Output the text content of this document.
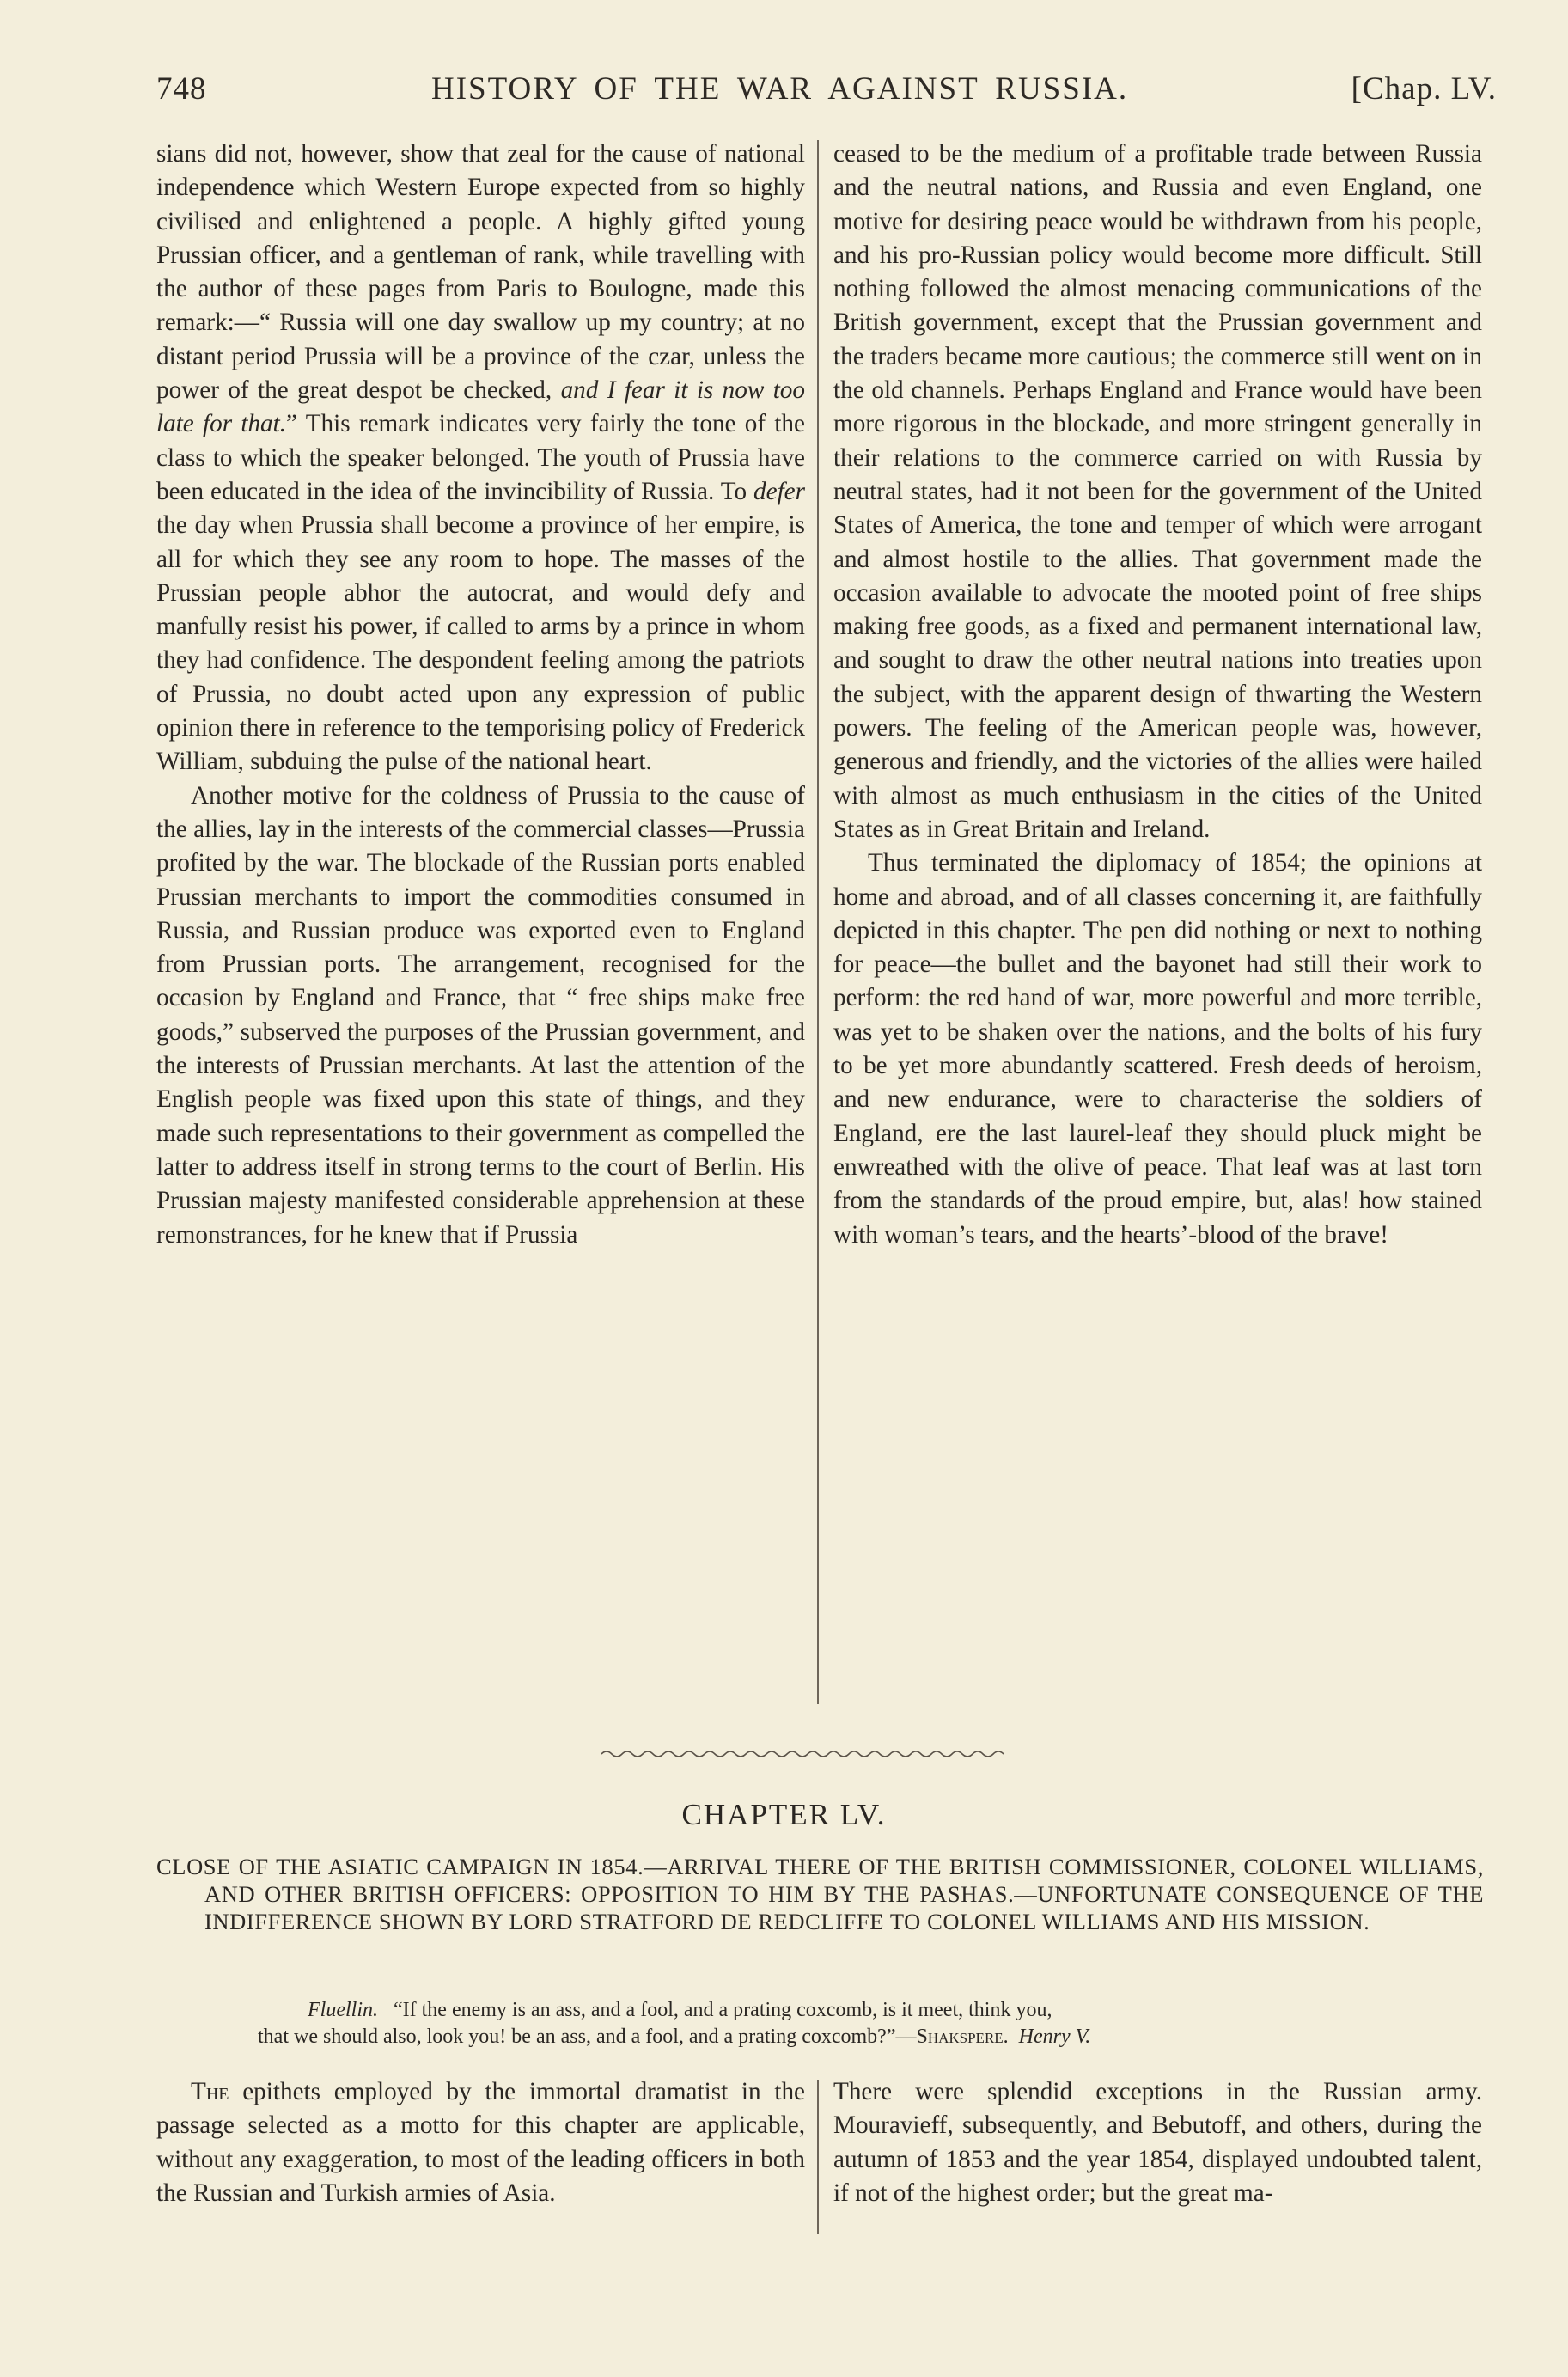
748	HISTORY OF THE WAR AGAINST RUSSIA.	[Chap. LV.

sians did not, however, show that zeal for the cause of national independence which Western Europe expected from so highly civilised and enlightened a people. A highly gifted young Prussian officer, and a gentleman of rank, while travelling with the author of these pages from Paris to Boulogne, made this remark:—“ Russia will one day swallow up my country; at no distant period Prussia will be a province of the czar, unless the power of the great despot be checked, and I fear it is now too late for that.” This remark indicates very fairly the tone of the class to which the speaker belonged. The youth of Prussia have been educated in the idea of the invincibility of Russia. To defer the day when Prussia shall become a province of her empire, is all for which they see any room to hope. The masses of the Prussian people abhor the autocrat, and would defy and manfully resist his power, if called to arms by a prince in whom they had confidence. The despondent feeling among the patriots of Prussia, no doubt acted upon any expression of public opinion there in reference to the temporising policy of Frederick William, subduing the pulse of the national heart.

Another motive for the coldness of Prussia to the cause of the allies, lay in the interests of the commercial classes—Prussia profited by the war. The blockade of the Russian ports enabled Prussian merchants to import the commodities consumed in Russia, and Russian produce was exported even to England from Prussian ports. The arrangement, recognised for the occasion by England and France, that “ free ships make free goods,” subserved the purposes of the Prussian government, and the interests of Prussian merchants. At last the attention of the English people was fixed upon this state of things, and they made such representations to their government as compelled the latter to address itself in strong terms to the court of Berlin. His Prussian majesty manifested considerable apprehension at these remonstrances, for he knew that if Prussia

ceased to be the medium of a profitable trade between Russia and the neutral nations, and Russia and even England, one motive for desiring peace would be withdrawn from his people, and his pro-Russian policy would become more difficult. Still nothing followed the almost menacing communications of the British government, except that the Prussian government and the traders became more cautious; the commerce still went on in the old channels. Perhaps England and France would have been more rigorous in the blockade, and more stringent generally in their relations to the commerce carried on with Russia by neutral states, had it not been for the government of the United States of America, the tone and temper of which were arrogant and almost hostile to the allies. That government made the occasion available to advocate the mooted point of free ships making free goods, as a fixed and permanent international law, and sought to draw the other neutral nations into treaties upon the subject, with the apparent design of thwarting the Western powers. The feeling of the American people was, however, generous and friendly, and the victories of the allies were hailed with almost as much enthusiasm in the cities of the United States as in Great Britain and Ireland.

Thus terminated the diplomacy of 1854; the opinions at home and abroad, and of all classes concerning it, are faithfully depicted in this chapter. The pen did nothing or next to nothing for peace—the bullet and the bayonet had still their work to perform: the red hand of war, more powerful and more terrible, was yet to be shaken over the nations, and the bolts of his fury to be yet more abundantly scattered. Fresh deeds of heroism, and new endurance, were to characterise the soldiers of England, ere the last laurel-leaf they should pluck might be enwreathed with the olive of peace. That leaf was at last torn from the standards of the proud empire, but, alas! how stained with woman’s tears, and the hearts’-blood of the brave!

CHAPTER LV.
CLOSE OF THE ASIATIC CAMPAIGN IN 1854.—ARRIVAL THERE OF THE BRITISH COMMISSIONER, COLONEL WILLIAMS, AND OTHER BRITISH OFFICERS: OPPOSITION TO HIM BY THE PASHAS.—UNFORTUNATE CONSEQUENCE OF THE INDIFFERENCE SHOWN BY LORD STRATFORD DE REDCLIFFE TO COLONEL WILLIAMS AND HIS MISSION.
Fluellin. “If the enemy is an ass, and a fool, and a prating coxcomb, is it meet, think you,
that we should also, look you! be an ass, and a fool, and a prating coxcomb?”—Shakspere. Henry V.

The epithets employed by the immortal dramatist in the passage selected as a motto for this chapter are applicable, without any exaggeration, to most of the leading officers in both the Russian and Turkish armies of Asia.

There were splendid exceptions in the Russian army. Mouravieff, subsequently, and Bebutoff, and others, during the autumn of 1853 and the year 1854, displayed undoubted talent, if not of the highest order; but the great ma-
